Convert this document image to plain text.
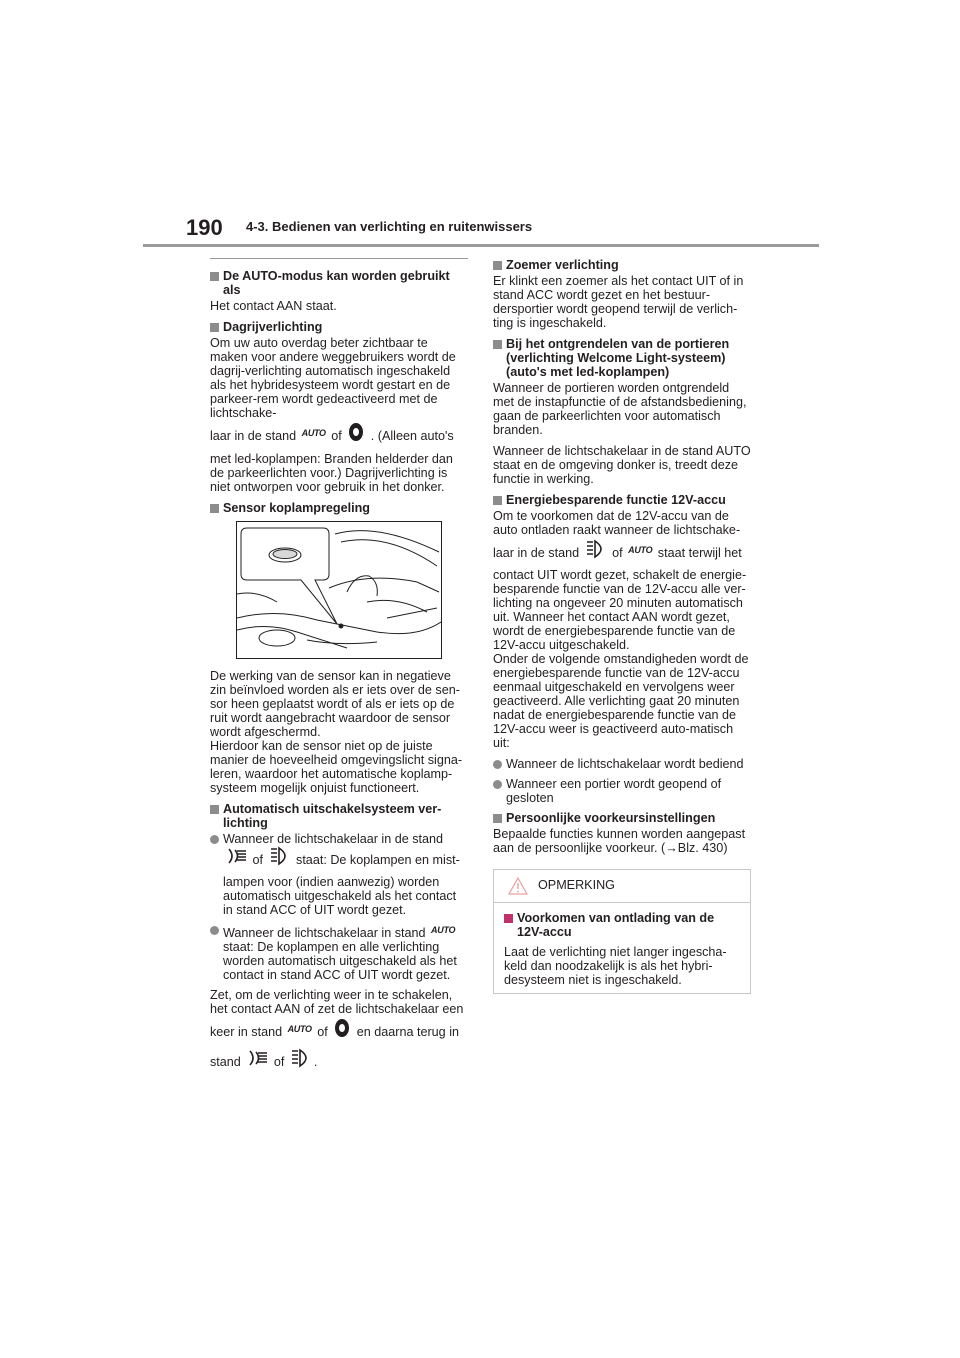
190 4-3. Bedienen van verlichting en ruitenwissers
De AUTO-modus kan worden gebruikt als

Het contact AAN staat.

Dagrijverlichting

Om uw auto overdag beter zichtbaar te maken voor andere weggebruikers wordt de dagrij-verlichting automatisch ingeschakeld als het hybridesysteem wordt gestart en de parkeer-rem wordt gedeactiveerd met de lichtschake-

laar in de stand AUTO of . (Alleen auto's

met led-koplampen: Branden helderder dan de parkeerlichten voor.) Dagrijverlichting is niet ontworpen voor gebruik in het donker.

Sensor koplampregeling

De werking van de sensor kan in negatieve zin beïnvloed worden als er iets over de sen-sor heen geplaatst wordt of als er iets op de ruit wordt aangebracht waardoor de sensor wordt afgeschermd.

Hierdoor kan de sensor niet op de juiste manier de hoeveelheid omgevingslicht signa-leren, waardoor het automatische koplamp-systeem mogelijk onjuist functioneert.

Automatisch uitschakelsysteem ver-lichting
Wanneer de lichtschakelaar in de stand
of	staat: De koplampen en mist-
lampen voor (indien aanwezig) worden automatisch uitgeschakeld als het contact in stand ACC of UIT wordt gezet.
Wanneer de lichtschakelaar in stand AUTO
staat: De koplampen en alle verlichting worden automatisch uitgeschakeld als het contact in stand ACC of UIT wordt gezet.

Zet, om de verlichting weer in te schakelen, het contact AAN of zet de lichtschakelaar een

keer in stand AUTO of en daarna terug in

stand	of .

Zoemer verlichting

Er klinkt een zoemer als het contact UIT of in stand ACC wordt gezet en het bestuur-dersportier wordt geopend terwijl de verlich-ting is ingeschakeld.

Bij het ontgrendelen van de portieren (verlichting Welcome Light-systeem) (auto's met led-koplampen)

Wanneer de portieren worden ontgrendeld met de instapfunctie of de afstandsbediening, gaan de parkeerlichten voor automatisch branden.

Wanneer de lichtschakelaar in de stand AUTO staat en de omgeving donker is, treedt deze functie in werking.

Energiebesparende functie 12V-accu

Om te voorkomen dat de 12V-accu van de auto ontladen raakt wanneer de lichtschake-

laar in de stand	of AUTO staat terwijl het

contact UIT wordt gezet, schakelt de energie-besparende functie van de 12V-accu alle ver-lichting na ongeveer 20 minuten automatisch uit. Wanneer het contact AAN wordt gezet, wordt de energiebesparende functie van de 12V-accu uitgeschakeld.

Onder de volgende omstandigheden wordt de energiebesparende functie van de 12V-accu eenmaal uitgeschakeld en vervolgens weer geactiveerd. Alle verlichting gaat 20 minuten nadat de energiebesparende functie van de 12V-accu weer is geactiveerd auto-matisch uit:

Wanneer de lichtschakelaar wordt bediend
Wanneer een portier wordt geopend of gesloten
Persoonlijke voorkeursinstellingen

Bepaalde functies kunnen worden aangepast aan de persoonlijke voorkeur. (→Blz. 430)

OPMERKING
Voorkomen van ontlading van de 12V-accu

Laat de verlichting niet langer ingescha-keld dan noodzakelijk is als het hybri-desysteem niet is ingeschakeld.
